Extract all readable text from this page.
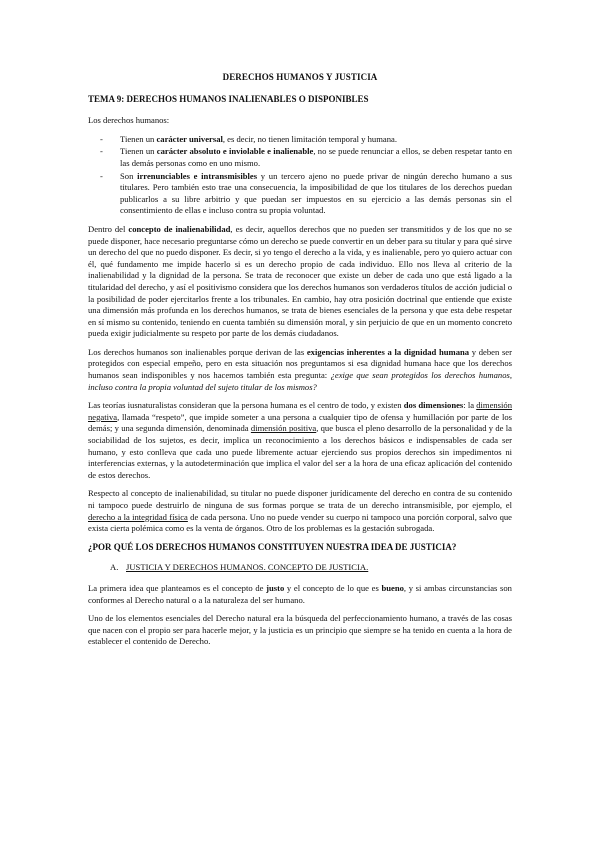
DERECHOS HUMANOS Y JUSTICIA
TEMA 9: DERECHOS HUMANOS INALIENABLES O DISPONIBLES

Los derechos humanos:

- Tienen un carácter universal, es decir, no tienen limitación temporal y humana.
- Tienen un carácter absoluto e inviolable e inalienable, no se puede renunciar a ellos, se deben respetar tanto en las demás personas como en uno mismo.
- Son irrenunciables e intransmisibles y un tercero ajeno no puede privar de ningún derecho humano a sus titulares. Pero también esto trae una consecuencia, la imposibilidad de que los titulares de los derechos puedan publicarlos a su libre arbitrio y que puedan ser impuestos en su ejercicio a las demás personas sin el consentimiento de ellas e incluso contra su propia voluntad.

Dentro del concepto de inalienabilidad, es decir, aquellos derechos que no pueden ser transmitidos y de los que no se puede disponer, hace necesario preguntarse cómo un derecho se puede convertir en un deber para su titular y para qué sirve un derecho del que no puedo disponer. Es decir, si yo tengo el derecho a la vida, y es inalienable, pero yo quiero actuar con él, qué fundamento me impide hacerlo si es un derecho propio de cada individuo. Ello nos lleva al criterio de la inalienabilidad y la dignidad de la persona. Se trata de reconocer que existe un deber de cada uno que está ligado a la titularidad del derecho, y así el positivismo considera que los derechos humanos son verdaderos títulos de acción judicial o la posibilidad de poder ejercitarlos frente a los tribunales. En cambio, hay otra posición doctrinal que entiende que existe una dimensión más profunda en los derechos humanos, se trata de bienes esenciales de la persona y que esta debe respetar en sí mismo su contenido, teniendo en cuenta también su dimensión moral, y sin perjuicio de que en un momento concreto pueda exigir judicialmente su respeto por parte de los demás ciudadanos.

Los derechos humanos son inalienables porque derivan de las exigencias inherentes a la dignidad humana y deben ser protegidos con especial empeño, pero en esta situación nos preguntamos si esa dignidad humana hace que los derechos humanos sean indisponibles y nos hacemos también esta pregunta: ¿exige que sean protegidos los derechos humanos, incluso contra la propia voluntad del sujeto titular de los mismos?

Las teorías iusnaturalistas consideran que la persona humana es el centro de todo, y existen dos dimensiones: la dimensión negativa, llamada “respeto”, que impide someter a una persona a cualquier tipo de ofensa y humillación por parte de los demás; y una segunda dimensión, denominada dimensión positiva, que busca el pleno desarrollo de la personalidad y de la sociabilidad de los sujetos, es decir, implica un reconocimiento a los derechos básicos e indispensables de cada ser humano, y esto conlleva que cada uno puede libremente actuar ejerciendo sus propios derechos sin impedimentos ni interferencias externas, y la autodeterminación que implica el valor del ser a la hora de una eficaz aplicación del contenido de estos derechos.

Respecto al concepto de inalienabilidad, su titular no puede disponer jurídicamente del derecho en contra de su contenido ni tampoco puede destruirlo de ninguna de sus formas porque se trata de un derecho intransmisible, por ejemplo, el derecho a la integridad física de cada persona. Uno no puede vender su cuerpo ni tampoco una porción corporal, salvo que exista cierta polémica como es la venta de órganos. Otro de los problemas es la gestación subrogada.

¿POR QUÉ LOS DERECHOS HUMANOS CONSTITUYEN NUESTRA IDEA DE JUSTICIA?
A. JUSTICIA Y DERECHOS HUMANOS. CONCEPTO DE JUSTICIA.

La primera idea que planteamos es el concepto de justo y el concepto de lo que es bueno, y si ambas circunstancias son conformes al Derecho natural o a la naturaleza del ser humano.

Uno de los elementos esenciales del Derecho natural era la búsqueda del perfeccionamiento humano, a través de las cosas que nacen con el propio ser para hacerle mejor, y la justicia es un principio que siempre se ha tenido en cuenta a la hora de establecer el contenido de Derecho.
